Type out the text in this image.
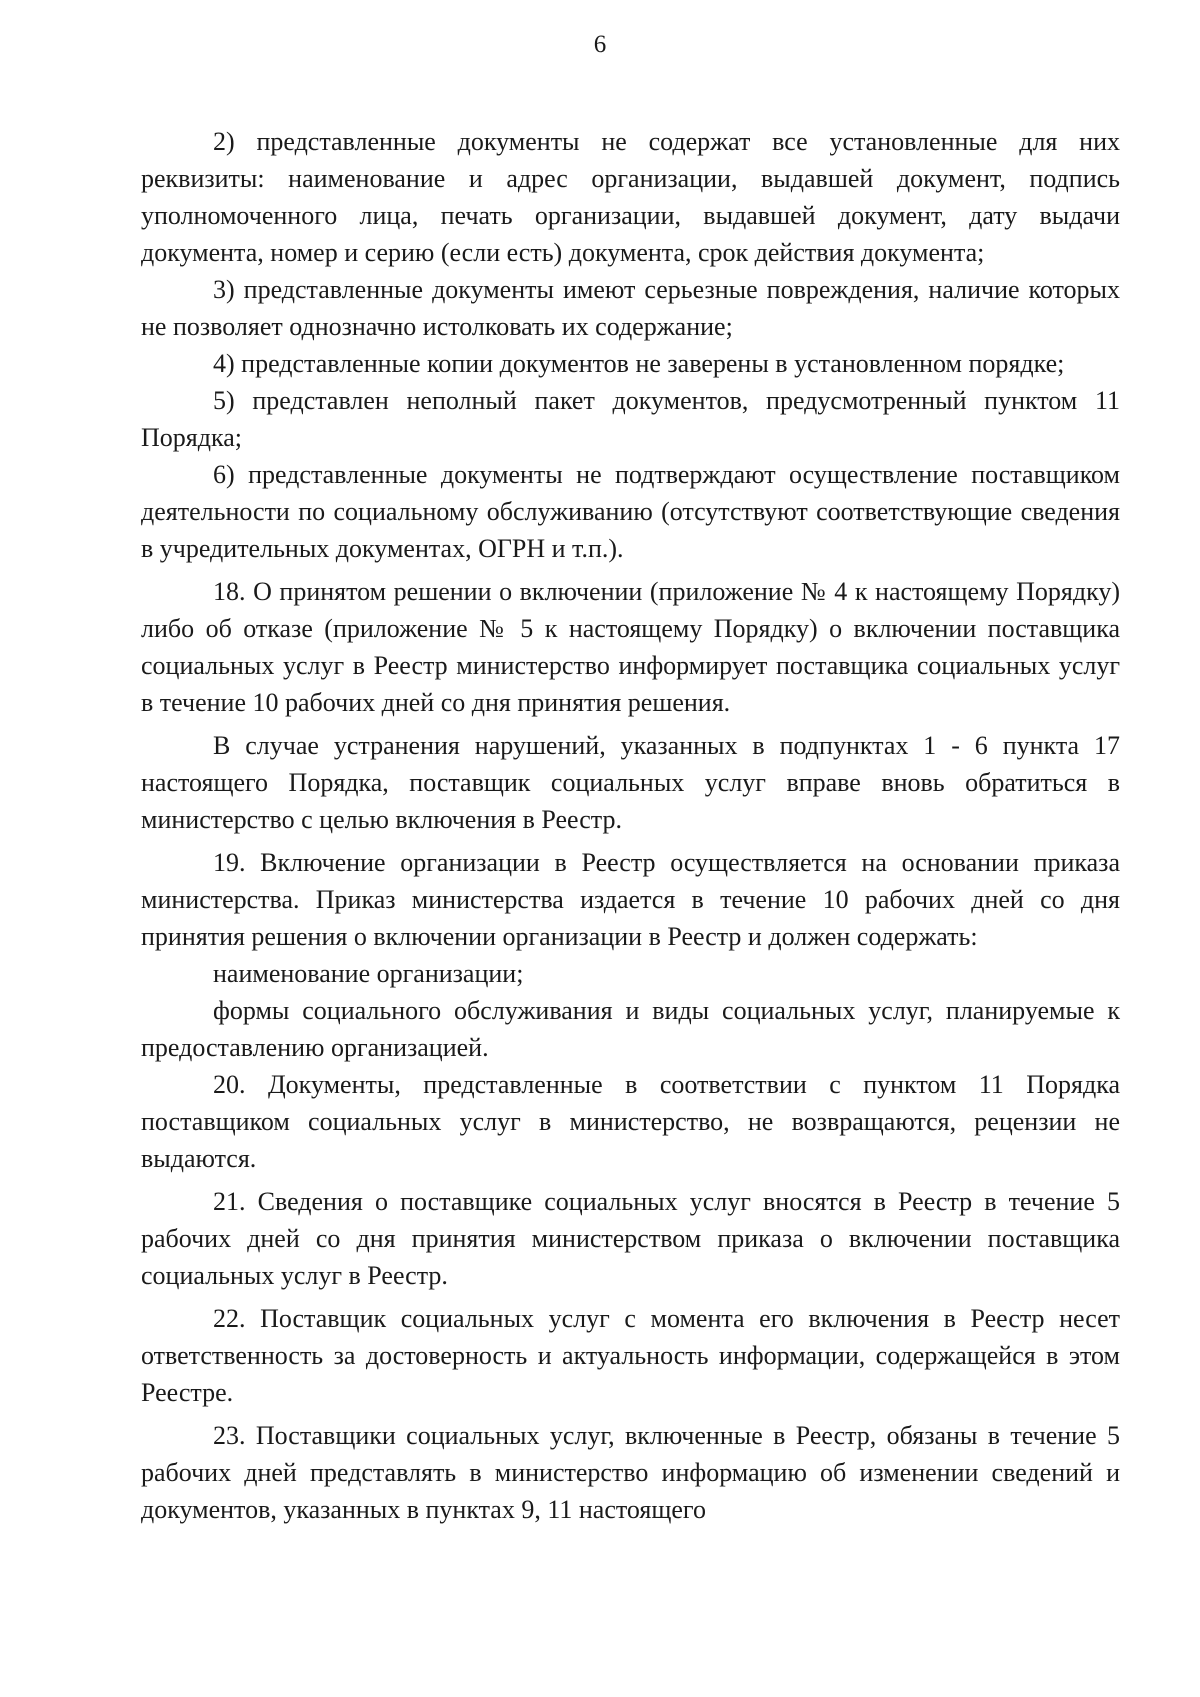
6

2) представленные документы не содержат все установленные для них реквизиты: наименование и адрес организации, выдавшей документ, подпись уполномоченного лица, печать организации, выдавшей документ, дату выдачи документа, номер и серию (если есть) документа, срок действия документа;

3) представленные документы имеют серьезные повреждения, наличие которых не позволяет однозначно истолковать их содержание;

4) представленные копии документов не заверены в установленном порядке;

5) представлен неполный пакет документов, предусмотренный пунктом 11 Порядка;

6) представленные документы не подтверждают осуществление поставщиком деятельности по социальному обслуживанию (отсутствуют соответствующие сведения в учредительных документах, ОГРН и т.п.).

18. О принятом решении о включении (приложение № 4 к настоящему Порядку) либо об отказе (приложение № 5 к настоящему Порядку) о включении поставщика социальных услуг в Реестр министерство информирует поставщика социальных услуг в течение 10 рабочих дней со дня принятия решения.

В случае устранения нарушений, указанных в подпунктах 1 - 6 пункта 17 настоящего Порядка, поставщик социальных услуг вправе вновь обратиться в министерство с целью включения в Реестр.

19. Включение организации в Реестр осуществляется на основании приказа министерства. Приказ министерства издается в течение 10 рабочих дней со дня принятия решения о включении организации в Реестр и должен содержать:

наименование организации;

формы социального обслуживания и виды социальных услуг, планируемые к предоставлению организацией.

20. Документы, представленные в соответствии с пунктом 11 Порядка поставщиком социальных услуг в министерство, не возвращаются, рецензии не выдаются.

21. Сведения о поставщике социальных услуг вносятся в Реестр в течение 5 рабочих дней со дня принятия министерством приказа о включении поставщика социальных услуг в Реестр.

22. Поставщик социальных услуг с момента его включения в Реестр несет ответственность за достоверность и актуальность информации, содержащейся в этом Реестре.

23. Поставщики социальных услуг, включенные в Реестр, обязаны в течение 5 рабочих дней представлять в министерство информацию об изменении сведений и документов, указанных в пунктах 9, 11 настоящего
